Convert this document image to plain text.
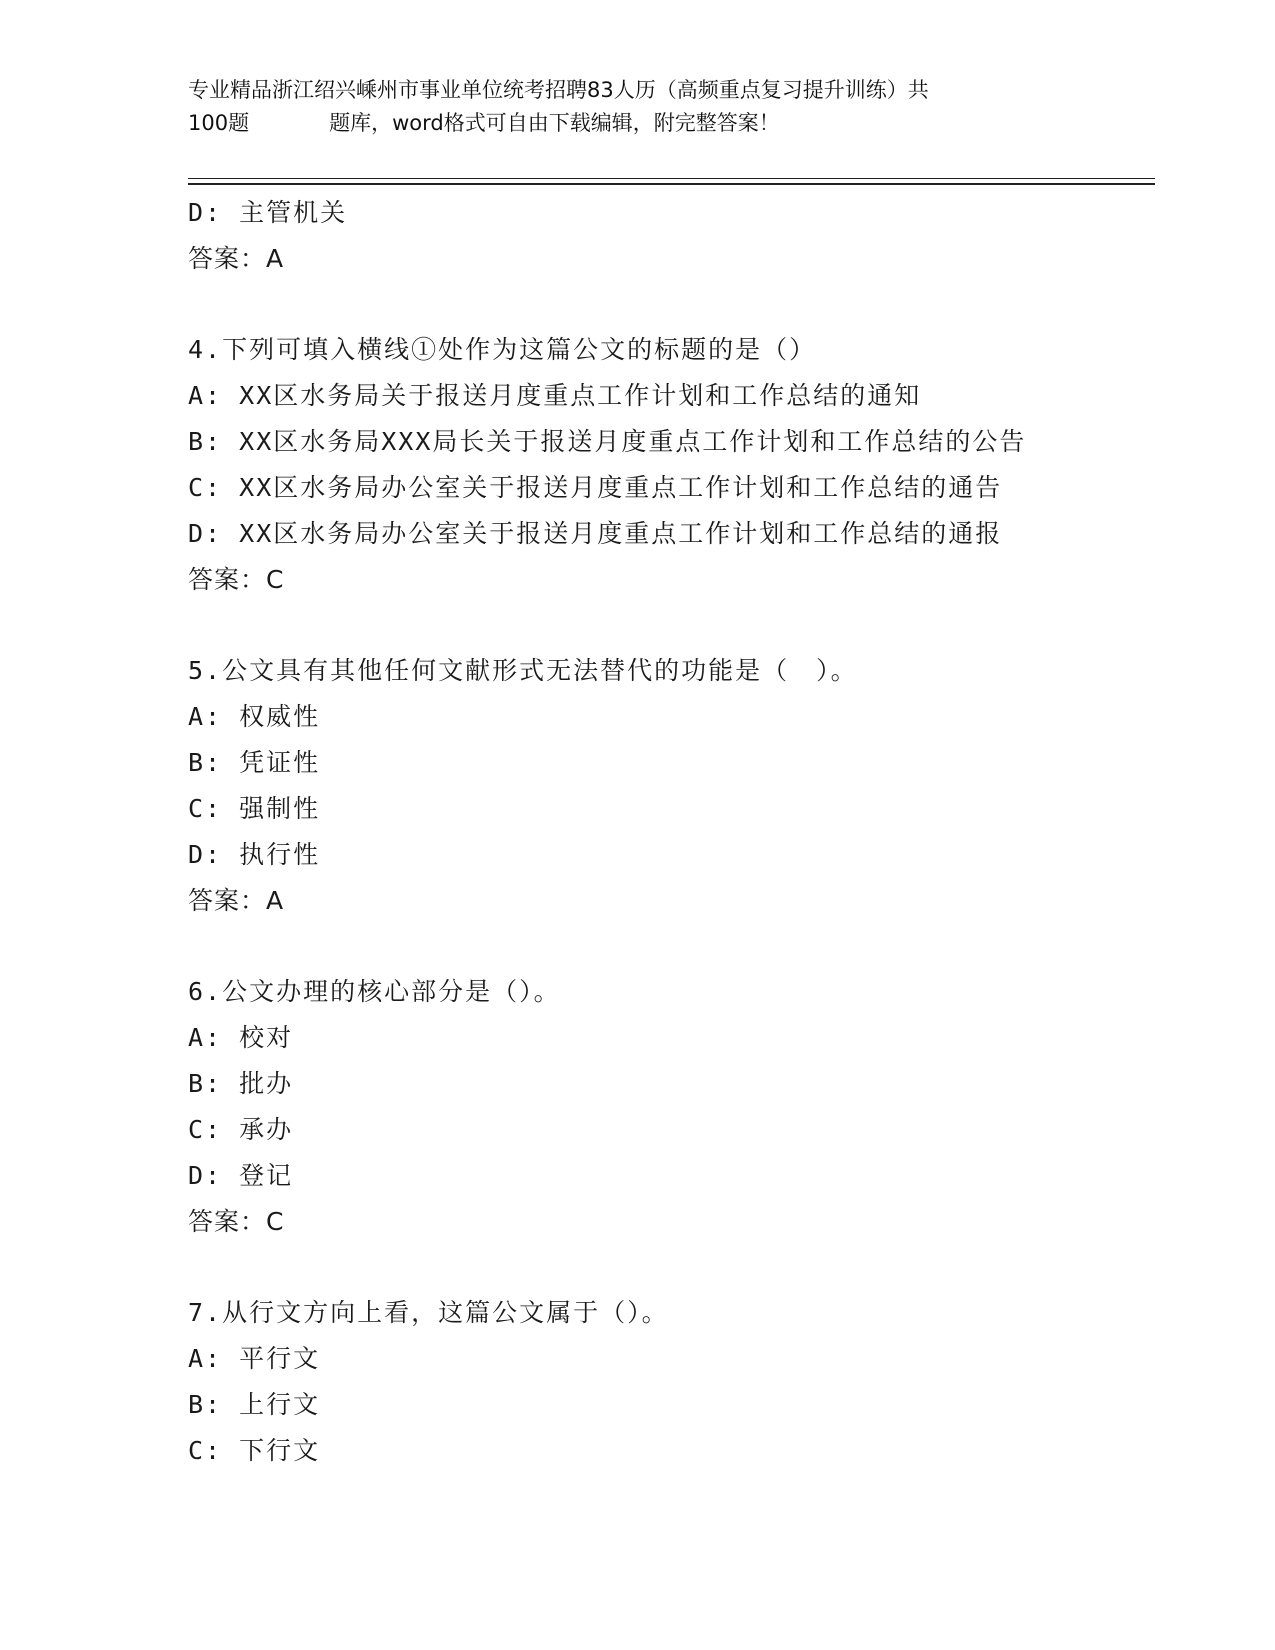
专业精品浙江绍兴嵊州市事业单位统考招聘83人历（高频重点复习提升训练）共
100题	题库，word格式可自由下载编辑，附完整答案！
D: 主管机关
答案：A
4.下列可填入横线①处作为这篇公文的标题的是（）
A: XX区水务局关于报送月度重点工作计划和工作总结的通知
B: XX区水务局XXX局长关于报送月度重点工作计划和工作总结的公告
C: XX区水务局办公室关于报送月度重点工作计划和工作总结的通告
D: XX区水务局办公室关于报送月度重点工作计划和工作总结的通报
答案：C
5.公文具有其他任何文献形式无法替代的功能是（　）。
A: 权威性
B: 凭证性
C: 强制性
D: 执行性
答案：A
6.公文办理的核心部分是（）。
A: 校对
B: 批办
C: 承办
D: 登记
答案：C
7.从行文方向上看，这篇公文属于（）。
A: 平行文
B: 上行文
C: 下行文
